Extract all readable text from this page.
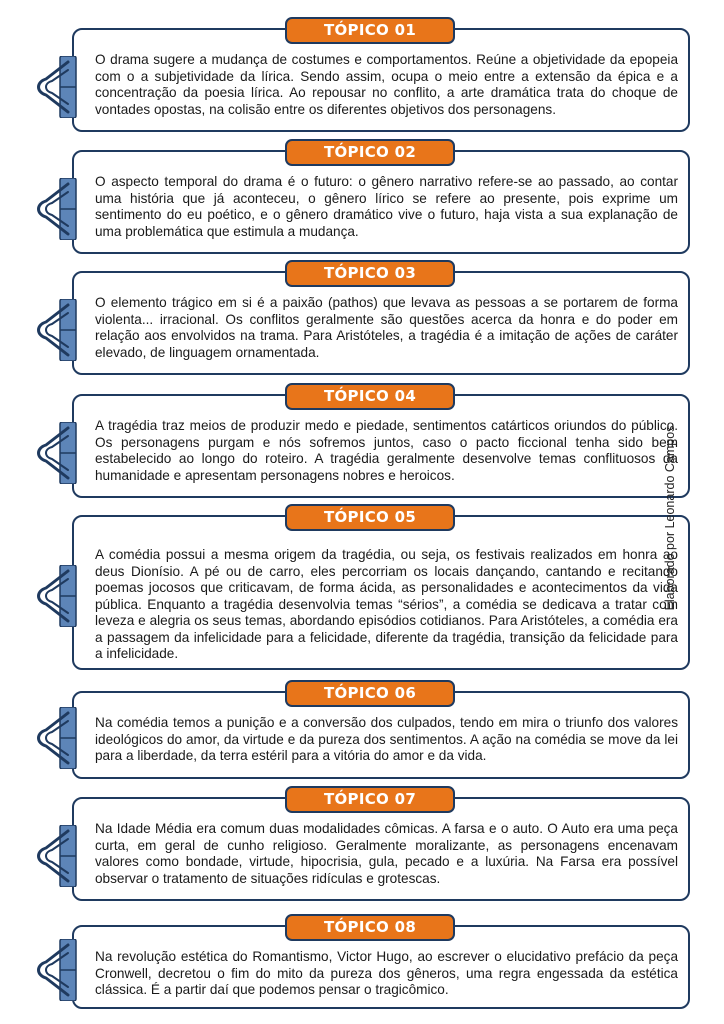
TÓPICO 01

O drama sugere a mudança de costumes e comportamentos. Reúne a objetividade da epopeia com o a subjetividade da lírica. Sendo assim, ocupa o meio entre a extensão da épica e a concentração da poesia lírica. Ao repousar no conflito, a arte dramática trata do choque de vontades opostas, na colisão entre os diferentes objetivos dos personagens.

TÓPICO 02

O aspecto temporal do drama é o futuro: o gênero narrativo refere-se ao passado, ao contar uma história que já aconteceu, o gênero lírico se refere ao presente, pois exprime um sentimento do eu poético, e o gênero dramático vive o futuro, haja vista a sua explanação de uma problemática que estimula a mudança.

TÓPICO 03

O elemento trágico em si é a paixão (pathos) que levava as pessoas a se portarem de forma violenta... irracional. Os conflitos geralmente são questões acerca da honra e do poder em relação aos envolvidos na trama. Para Aristóteles, a tragédia é a imitação de ações de caráter elevado, de linguagem ornamentada.

TÓPICO 04

A tragédia traz meios de produzir medo e piedade, sentimentos catárticos oriundos do público. Os personagens purgam e nós sofremos juntos, caso o pacto ficcional tenha sido bem estabelecido ao longo do roteiro. A tragédia geralmente desenvolve temas conflituosos da humanidade e apresentam personagens nobres e heroicos.

TÓPICO 05

A comédia possui a mesma origem da tragédia, ou seja, os festivais realizados em honra ao deus Dionísio. A pé ou de carro, eles percorriam os locais dançando, cantando e recitando poemas jocosos que criticavam, de forma ácida, as personalidades e acontecimentos da vida pública. Enquanto a tragédia desenvolvia temas “sérios”, a comédia se dedicava a tratar com leveza e alegria os seus temas, abordando episódios cotidianos. Para Aristóteles, a comédia era a passagem da infelicidade para a felicidade, diferente da tragédia, transição da felicidade para a infelicidade.

TÓPICO 06

Na comédia temos a punição e a conversão dos culpados, tendo em mira o triunfo dos valores ideológicos do amor, da virtude e da pureza dos sentimentos. A ação na comédia se move da lei para a liberdade, da terra estéril para a vitória do amor e da vida.

TÓPICO 07

Na Idade Média era comum duas modalidades cômicas. A farsa e o auto. O Auto era uma peça curta, em geral de cunho religioso. Geralmente moralizante, as personagens encenavam valores como bondade, virtude, hipocrisia, gula, pecado e a luxúria. Na Farsa era possível observar o tratamento de situações ridículas e grotescas.

TÓPICO 08

Na revolução estética do Romantismo, Victor Hugo, ao escrever o elucidativo prefácio da peça Cronwell, decretou o fim do mito da pureza dos gêneros, uma regra engessada da estética clássica. É a partir daí que podemos pensar o tragicômico.

Elaborado por Leonardo Campos
